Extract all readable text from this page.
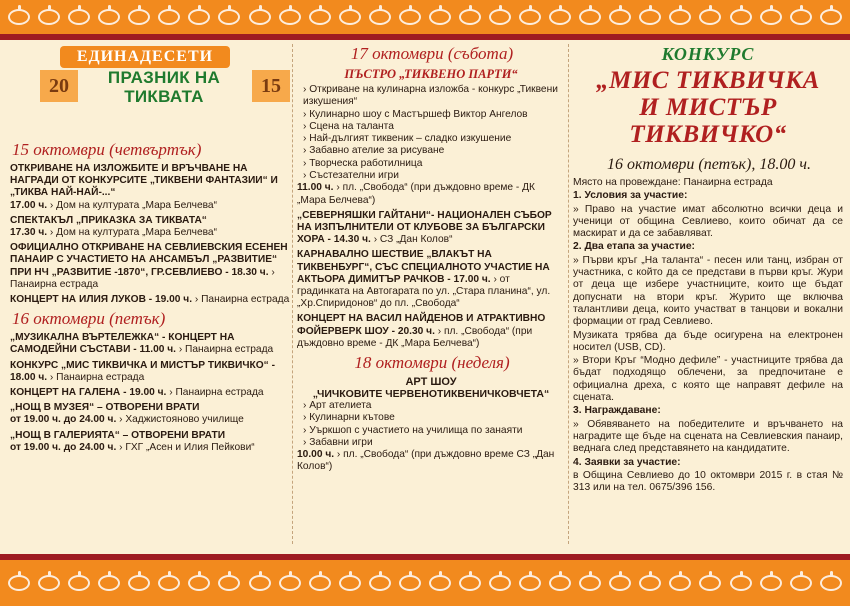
ЕДИНАДЕСЕТИ
20	15
ПРАЗНИК НА
ТИКВАТА
15 октомври (четвъртък)
ОТКРИВАНЕ НА ИЗЛОЖБИТЕ И ВРЪЧВАНЕ НА НАГРАДИ ОТ КОНКУРСИТЕ „ТИКВЕНИ ФАНТАЗИИ“ И „ТИКВА НАЙ-НАЙ-...“
17.00 ч. › Дом на културата „Мара Белчева“
СПЕКТАКЪЛ „ПРИКАЗКА ЗА ТИКВАТА“
17.30 ч. › Дом на културата „Мара Белчева“
ОФИЦИАЛНО ОТКРИВАНЕ НА СЕВЛИЕВСКИЯ ЕСЕНЕН ПАНАИР С УЧАСТИЕТО НА АНСАМБЪЛ „РАЗВИТИЕ“ ПРИ НЧ „РАЗВИТИЕ -1870“, ГР.СЕВЛИЕВО - 18.30 ч. › Панаирна естрада
КОНЦЕРТ НА ИЛИЯ ЛУКОВ - 19.00 ч. › Панаирна естрада
16 октомври (петък)
„МУЗИКАЛНА ВЪРТЕЛЕЖКА“ - КОНЦЕРТ НА САМОДЕЙНИ СЪСТАВИ - 11.00 ч. › Панаирна естрада
КОНКУРС „МИС ТИКВИЧКА И МИСТЪР ТИКВИЧКО“ - 18.00 ч. › Панаирна естрада
КОНЦЕРТ НА ГАЛЕНА - 19.00 ч. › Панаирна естрада
„НОЩ В МУЗЕЯ“ – ОТВОРЕНИ ВРАТИ
от 19.00 ч. до 24.00 ч. › Хаджистояново училище
„НОЩ В ГАЛЕРИЯТА“ – ОТВОРЕНИ ВРАТИ
от 19.00 ч. до 24.00 ч. › ГХГ „Асен и Илия Пейкови“
17 октомври (събота)
ПЪСТРО „ТИКВЕНО ПАРТИ“
› Откриване на кулинарна изложба - конкурс „Тиквени изкушения“
› Кулинарно шоу с Мастършеф Виктор Ангелов
› Сцена на таланта
› Най-дългият тиквеник – сладко изкушение
› Забавно ателие за рисуване
› Творческа работилница
› Състезателни игри
11.00 ч. › пл. „Свобода“ (при дъждовно време - ДК „Мара Белчева“)
„СЕВЕРНЯШКИ ГАЙТАНИ“- НАЦИОНАЛЕН СЪБОР НА ИЗПЪЛНИТЕЛИ ОТ КЛУБОВЕ ЗА БЪЛГАРСКИ ХОРА - 14.30 ч. › СЗ „Дан Колов“
КАРНАВАЛНО ШЕСТВИЕ „ВЛАКЪТ НА ТИКВЕНБУРГ“, СЪС СПЕЦИАЛНОТО УЧАСТИЕ НА АКТЬОРА ДИМИТЪР РАЧКОВ - 17.00 ч. › от градинката на Автогарата по ул. „Стара планина“, ул. „Хр.Спиридонов“ до пл. „Свобода“
КОНЦЕРТ НА ВАСИЛ НАЙДЕНОВ И АТРАКТИВНО ФОЙЕРВЕРК ШОУ - 20.30 ч. › пл. „Свобода“ (при дъждовно време - ДК „Мара Белчева“)
18 октомври (неделя)
АРТ ШОУ
„ЧИЧКОВИТЕ ЧЕРВЕНОТИКВЕНИЧКОВЧЕТА“
› Арт ателиета
› Кулинарни кътове
› Уъркшоп с участието на училища по занаяти
› Забавни игри
10.00 ч. › пл. „Свобода“ (при дъждовно време СЗ „Дан Колов“)
КОНКУРС
„МИС ТИКВИЧКА
И МИСТЪР
ТИКВИЧКО“
16 октомври (петък), 18.00 ч.

Място на провеждане: Панаирна естрада

1. Условия за участие:

» Право на участие имат абсолютно всички деца и ученици от община Севлиево, които обичат да се маскират и да се забавляват.

2. Два етапа за участие:

» Първи кръг „На таланта“ - песен или танц, избран от участника, с който да се представи в първи кръг. Жури от деца ще избере участниците, които ще бъдат допуснати на втори кръг. Журито ще включва талантливи деца, които участват в танцови и вокални формации от град Севлиево.

Музиката трябва да бъде осигурена на електронен носител (USB, CD).

» Втори Кръг “Модно дефиле” - участниците трябва да бъдат подходящо облечени, за предпочитане е официална дреха, с която ще направят дефиле на сцената.

3. Награждаване:

» Обявяването на победителите и връчването на наградите ще бъде на сцената на Севлиевския панаир, веднага след представянето на кандидатите.

4. Заявки за участие:

в Община Севлиево до 10 октомври 2015 г. в стая № 313 или на тел. 0675/396 156.
